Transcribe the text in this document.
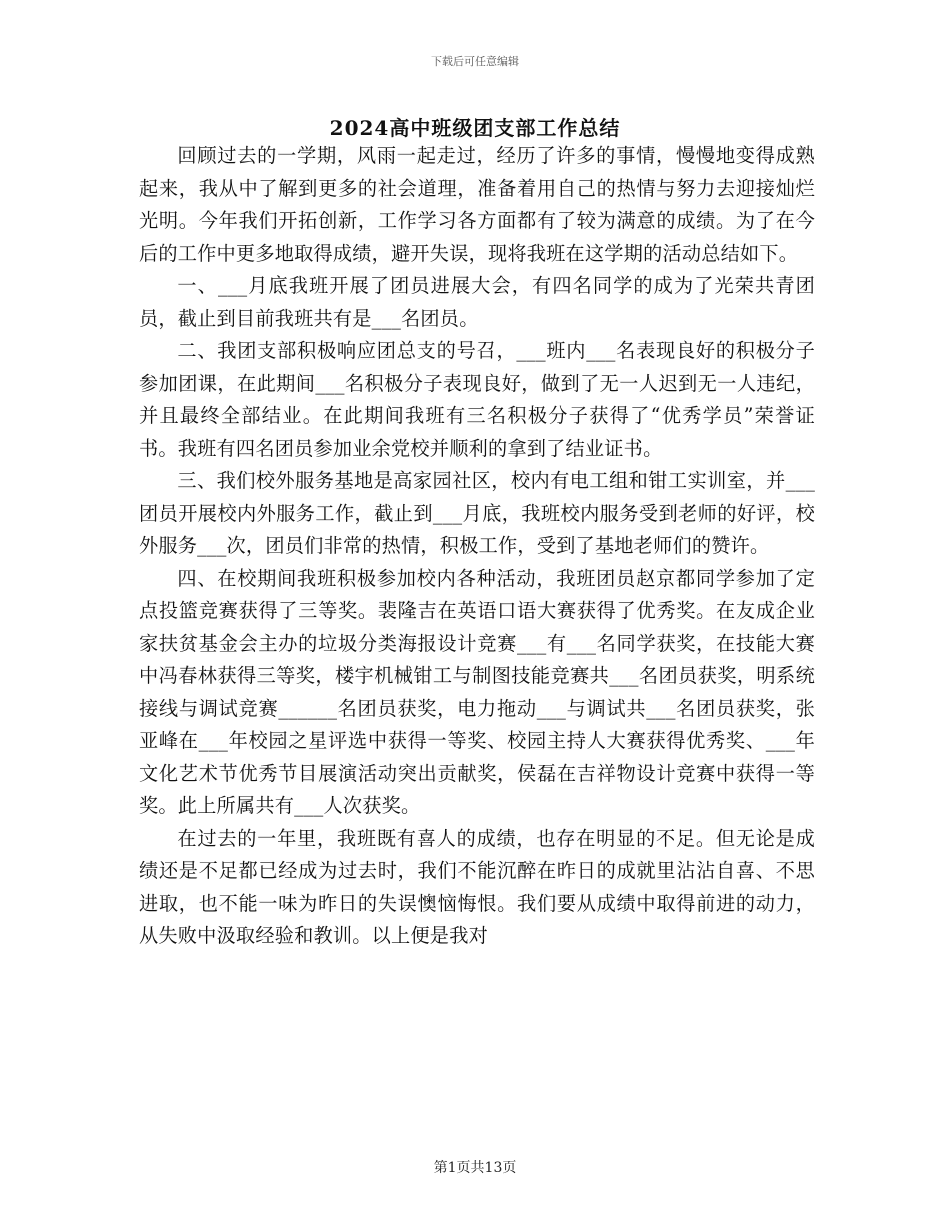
下载后可任意编辑
2024高中班级团支部工作总结

回顾过去的一学期，风雨一起走过，经历了许多的事情，慢慢地变得成熟起来，我从中了解到更多的社会道理，准备着用自己的热情与努力去迎接灿烂光明。今年我们开拓创新，工作学习各方面都有了较为满意的成绩。为了在今后的工作中更多地取得成绩，避开失误，现将我班在这学期的活动总结如下。

一、___月底我班开展了团员进展大会，有四名同学的成为了光荣共青团员，截止到目前我班共有是___名团员。

二、我团支部积极响应团总支的号召，___班内___名表现良好的积极分子参加团课，在此期间___名积极分子表现良好，做到了无一人迟到无一人违纪，并且最终全部结业。在此期间我班有三名积极分子获得了“优秀学员”荣誉证书。我班有四名团员参加业余党校并顺利的拿到了结业证书。

三、我们校外服务基地是高家园社区，校内有电工组和钳工实训室，并___团员开展校内外服务工作，截止到___月底，我班校内服务受到老师的好评，校外服务___次，团员们非常的热情，积极工作，受到了基地老师们的赞许。

四、在校期间我班积极参加校内各种活动，我班团员赵京都同学参加了定点投篮竞赛获得了三等奖。裴隆吉在英语口语大赛获得了优秀奖。在友成企业家扶贫基金会主办的垃圾分类海报设计竞赛___有___名同学获奖，在技能大赛中冯春林获得三等奖，楼宇机械钳工与制图技能竞赛共___名团员获奖，明系统接线与调试竞赛______名团员获奖，电力拖动___与调试共___名团员获奖，张亚峰在___年校园之星评选中获得一等奖、校园主持人大赛获得优秀奖、___年文化艺术节优秀节目展演活动突出贡献奖，侯磊在吉祥物设计竞赛中获得一等奖。此上所属共有___人次获奖。

在过去的一年里，我班既有喜人的成绩，也存在明显的不足。但无论是成绩还是不足都已经成为过去时，我们不能沉醉在昨日的成就里沾沾自喜、不思进取，也不能一味为昨日的失误懊恼悔恨。我们要从成绩中取得前进的动力，从失败中汲取经验和教训。以上便是我对

第1页共13页
